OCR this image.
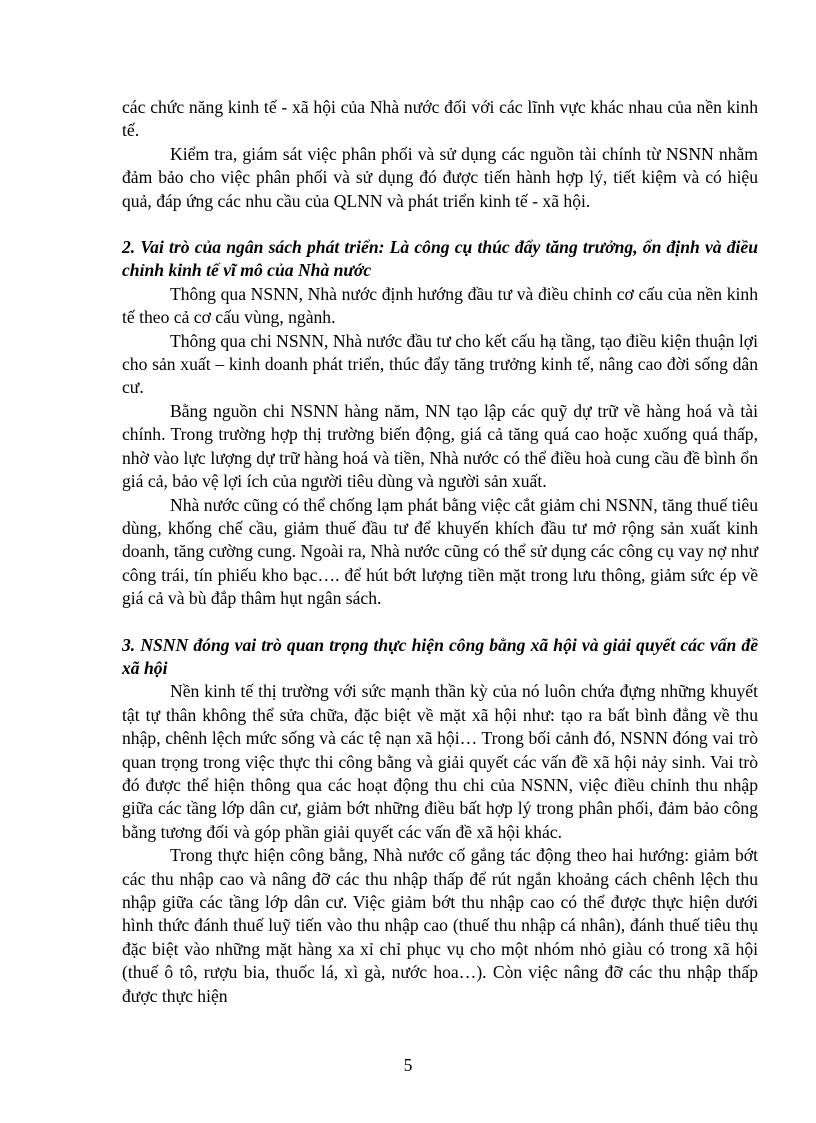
các chức năng kinh tế - xã hội của Nhà nước đối với các lĩnh vực khác nhau của nền kinh tế.

Kiểm tra, giám sát việc phân phối và sử dụng các nguồn tài chính từ NSNN nhằm đảm bảo cho việc phân phối và sử dụng đó được tiến hành hợp lý, tiết kiệm và có hiệu quả, đáp ứng các nhu cầu của QLNN và phát triển kinh tế - xã hội.

2. Vai trò của ngân sách phát triển: Là công cụ thúc đẩy tăng trưởng, ổn định và điều chỉnh kinh tế vĩ mô của Nhà nước

Thông qua NSNN, Nhà nước định hướng đầu tư và điều chỉnh cơ cấu của nền kinh tế theo cả cơ cấu vùng, ngành.

Thông qua chi NSNN, Nhà nước đầu tư cho kết cấu hạ tầng, tạo điều kiện thuận lợi cho sản xuất – kinh doanh phát triển, thúc đẩy tăng trưởng kinh tế, nâng cao đời sống dân cư.

Bằng nguồn chi NSNN hàng năm, NN tạo lập các quỹ dự trữ về hàng hoá và tài chính. Trong trường hợp thị trường biến động, giá cả tăng quá cao hoặc xuống quá thấp, nhờ vào lực lượng dự trữ hàng hoá và tiền, Nhà nước có thể điều hoà cung cầu đề bình ổn giá cả, bảo vệ lợi ích của người tiêu dùng và người sản xuất.

Nhà nước cũng có thể chống lạm phát bằng việc cắt giảm chi NSNN, tăng thuế tiêu dùng, khống chế cầu, giảm thuế đầu tư để khuyến khích đầu tư mở rộng sản xuất kinh doanh, tăng cường cung. Ngoài ra, Nhà nước cũng có thể sử dụng các công cụ vay nợ như công trái, tín phiếu kho bạc…. để hút bớt lượng tiền mặt trong lưu thông, giảm sức ép về giá cả và bù đắp thâm hụt ngân sách.

3. NSNN đóng vai trò quan trọng thực hiện công bằng xã hội và giải quyết các vấn đề xã hội

Nền kinh tế thị trường với sức mạnh thần kỳ của nó luôn chứa đựng những khuyết tật tự thân không thể sửa chữa, đặc biệt về mặt xã hội như: tạo ra bất bình đẳng về thu nhập, chênh lệch mức sống và các tệ nạn xã hội… Trong bối cảnh đó, NSNN đóng vai trò quan trọng trong việc thực thi công bằng và giải quyết các vấn đề xã hội nảy sinh. Vai trò đó được thể hiện thông qua các hoạt động thu chi của NSNN, việc điều chỉnh thu nhập giữa các tầng lớp dân cư, giảm bớt những điều bất hợp lý trong phân phối, đảm bảo công bằng tương đối và góp phần giải quyết các vấn đề xã hội khác.

Trong thực hiện công bằng, Nhà nước cố gắng tác động theo hai hướng: giảm bớt các thu nhập cao và nâng đỡ các thu nhập thấp để rút ngắn khoảng cách chênh lệch thu nhập giữa các tầng lớp dân cư. Việc giảm bớt thu nhập cao có thể được thực hiện dưới hình thức đánh thuế luỹ tiến vào thu nhập cao (thuế thu nhập cá nhân), đánh thuế tiêu thụ đặc biệt vào những mặt hàng xa xỉ chỉ phục vụ cho một nhóm nhỏ giàu có trong xã hội (thuế ô tô, rượu bia, thuốc lá, xì gà, nước hoa…). Còn việc nâng đỡ các thu nhập thấp được thực hiện

5
